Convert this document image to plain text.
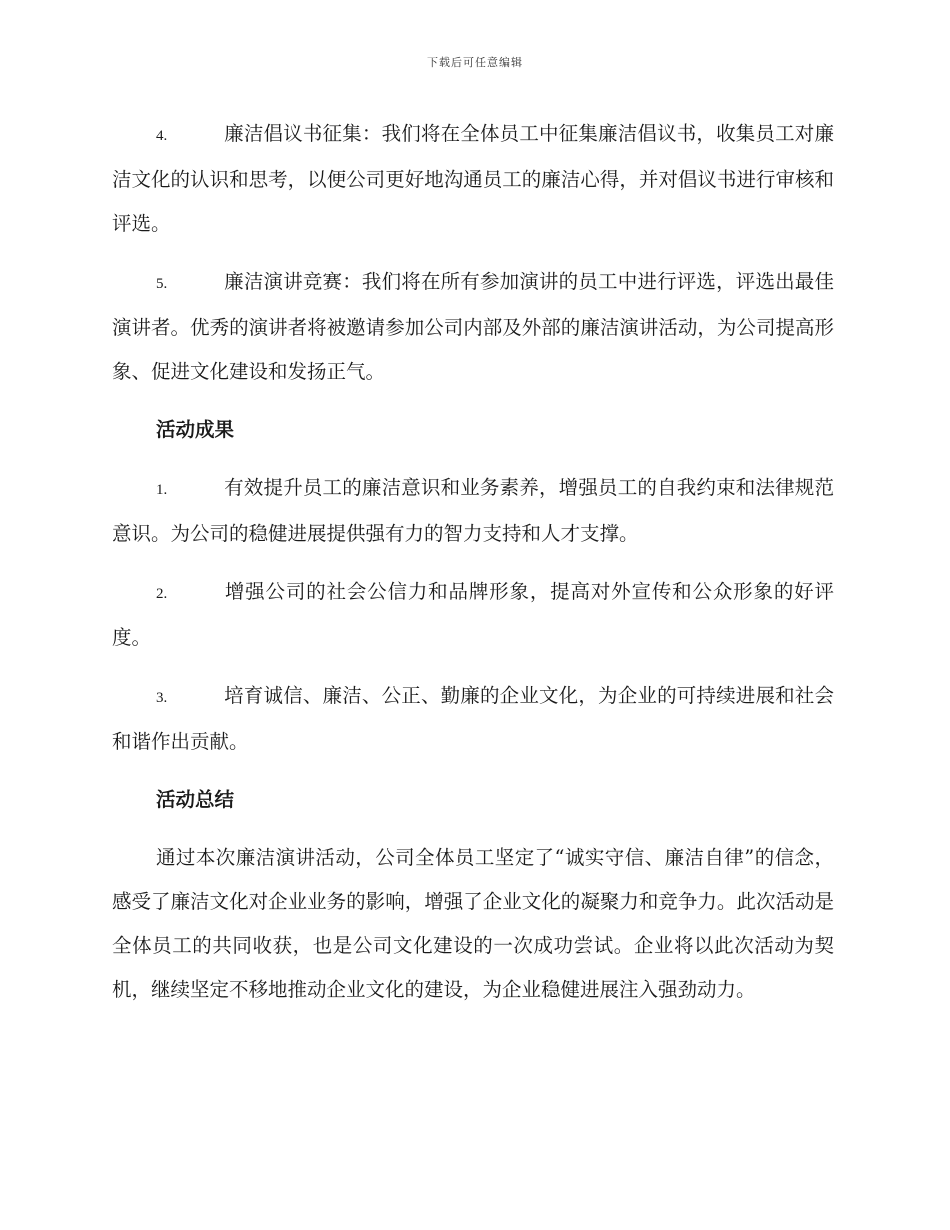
下载后可任意编辑

4.	廉洁倡议书征集：我们将在全体员工中征集廉洁倡议书，收集员工对廉洁文化的认识和思考，以便公司更好地沟通员工的廉洁心得，并对倡议书进行审核和评选。

5.	廉洁演讲竞赛：我们将在所有参加演讲的员工中进行评选，评选出最佳演讲者。优秀的演讲者将被邀请参加公司内部及外部的廉洁演讲活动，为公司提高形象、促进文化建设和发扬正气。

活动成果

1.	有效提升员工的廉洁意识和业务素养，增强员工的自我约束和法律规范意识。为公司的稳健进展提供强有力的智力支持和人才支撑。

2.	增强公司的社会公信力和品牌形象，提高对外宣传和公众形象的好评度。

3.	培育诚信、廉洁、公正、勤廉的企业文化，为企业的可持续进展和社会和谐作出贡献。

活动总结

通过本次廉洁演讲活动，公司全体员工坚定了“诚实守信、廉洁自律”的信念，感受了廉洁文化对企业业务的影响，增强了企业文化的凝聚力和竞争力。此次活动是全体员工的共同收获，也是公司文化建设的一次成功尝试。企业将以此次活动为契机，继续坚定不移地推动企业文化的建设，为企业稳健进展注入强劲动力。
